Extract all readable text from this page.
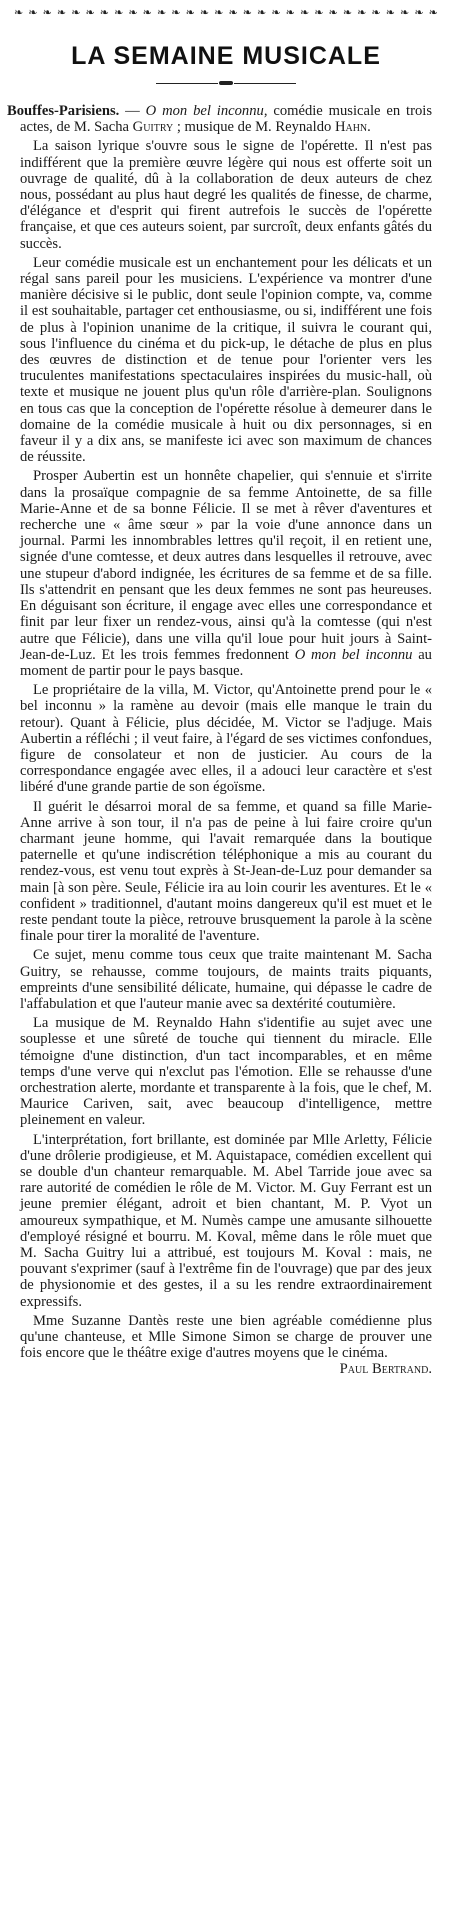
❧ ❧ ❧ ❧ ❧ ❧ ❧ ❧ ❧ ❧ ❧ ❧ ❧ ❧ ❧ ❧ ❧ ❧ ❧ ❧ ❧ ❧ ❧ ❧ ❧ ❧ ❧ ❧ ❧ ❧
LA SEMAINE MUSICALE

Bouffes-Parisiens. — O mon bel inconnu, comédie musicale en trois actes, de M. Sacha Guitry ; musique de M. Reynaldo Hahn.

La saison lyrique s'ouvre sous le signe de l'opérette. Il n'est pas indifférent que la première œuvre légère qui nous est offerte soit un ouvrage de qualité, dû à la collaboration de deux auteurs de chez nous, possédant au plus haut degré les qualités de finesse, de charme, d'élégance et d'esprit qui firent autrefois le succès de l'opérette française, et que ces auteurs soient, par surcroît, deux enfants gâtés du succès.

Leur comédie musicale est un enchantement pour les délicats et un régal sans pareil pour les musiciens. L'expérience va montrer d'une manière décisive si le public, dont seule l'opinion compte, va, comme il est souhaitable, partager cet enthousiasme, ou si, indifférent une fois de plus à l'opinion unanime de la critique, il suivra le courant qui, sous l'influence du cinéma et du pick-up, le détache de plus en plus des œuvres de distinction et de tenue pour l'orienter vers les truculentes manifestations spectaculaires inspirées du music-hall, où texte et musique ne jouent plus qu'un rôle d'arrière-plan. Soulignons en tous cas que la conception de l'opérette résolue à demeurer dans le domaine de la comédie musicale à huit ou dix personnages, si en faveur il y a dix ans, se manifeste ici avec son maximum de chances de réussite.

Prosper Aubertin est un honnête chapelier, qui s'ennuie et s'irrite dans la prosaïque compagnie de sa femme Antoinette, de sa fille Marie-Anne et de sa bonne Félicie. Il se met à rêver d'aventures et recherche une « âme sœur » par la voie d'une annonce dans un journal. Parmi les innombrables lettres qu'il reçoit, il en retient une, signée d'une comtesse, et deux autres dans lesquelles il retrouve, avec une stupeur d'abord indignée, les écritures de sa femme et de sa fille. Ils s'attendrit en pensant que les deux femmes ne sont pas heureuses. En déguisant son écriture, il engage avec elles une correspondance et finit par leur fixer un rendez-vous, ainsi qu'à la comtesse (qui n'est autre que Félicie), dans une villa qu'il loue pour huit jours à Saint-Jean-de-Luz. Et les trois femmes fredonnent O mon bel inconnu au moment de partir pour le pays basque.

Le propriétaire de la villa, M. Victor, qu'Antoinette prend pour le « bel inconnu » la ramène au devoir (mais elle manque le train du retour). Quant à Félicie, plus décidée, M. Victor se l'adjuge. Mais Aubertin a réfléchi ; il veut faire, à l'égard de ses victimes confondues, figure de consolateur et non de justicier. Au cours de la correspondance engagée avec elles, il a adouci leur caractère et s'est libéré d'une grande partie de son égoïsme.

Il guérit le désarroi moral de sa femme, et quand sa fille Marie-Anne arrive à son tour, il n'a pas de peine à lui faire croire qu'un charmant jeune homme, qui l'avait remarquée dans la boutique paternelle et qu'une indiscrétion téléphonique a mis au courant du rendez-vous, est venu tout exprès à St-Jean-de-Luz pour demander sa main [à son père. Seule, Félicie ira au loin courir les aventures. Et le « confident » traditionnel, d'autant moins dangereux qu'il est muet et le reste pendant toute la pièce, retrouve brusquement la parole à la scène finale pour tirer la moralité de l'aventure.

Ce sujet, menu comme tous ceux que traite maintenant M. Sacha Guitry, se rehausse, comme toujours, de maints traits piquants, empreints d'une sensibilité délicate, humaine, qui dépasse le cadre de l'affabulation et que l'auteur manie avec sa dextérité coutumière.

La musique de M. Reynaldo Hahn s'identifie au sujet avec une souplesse et une sûreté de touche qui tiennent du miracle. Elle témoigne d'une distinction, d'un tact incomparables, et en même temps d'une verve qui n'exclut pas l'émotion. Elle se rehausse d'une orchestration alerte, mordante et transparente à la fois, que le chef, M. Maurice Cariven, sait, avec beaucoup d'intelligence, mettre pleinement en valeur.

L'interprétation, fort brillante, est dominée par Mlle Arletty, Félicie d'une drôlerie prodigieuse, et M. Aquistapace, comédien excellent qui se double d'un chanteur remarquable. M. Abel Tarride joue avec sa rare autorité de comédien le rôle de M. Victor. M. Guy Ferrant est un jeune premier élégant, adroit et bien chantant, M. P. Vyot un amoureux sympathique, et M. Numès campe une amusante silhouette d'employé résigné et bourru. M. Koval, même dans le rôle muet que M. Sacha Guitry lui a attribué, est toujours M. Koval : mais, ne pouvant s'exprimer (sauf à l'extrême fin de l'ouvrage) que par des jeux de physionomie et des gestes, il a su les rendre extraordinairement expressifs.

Mme Suzanne Dantès reste une bien agréable comédienne plus qu'une chanteuse, et Mlle Simone Simon se charge de prouver une fois encore que le théâtre exige d'autres moyens que le cinéma.
Paul Bertrand.
